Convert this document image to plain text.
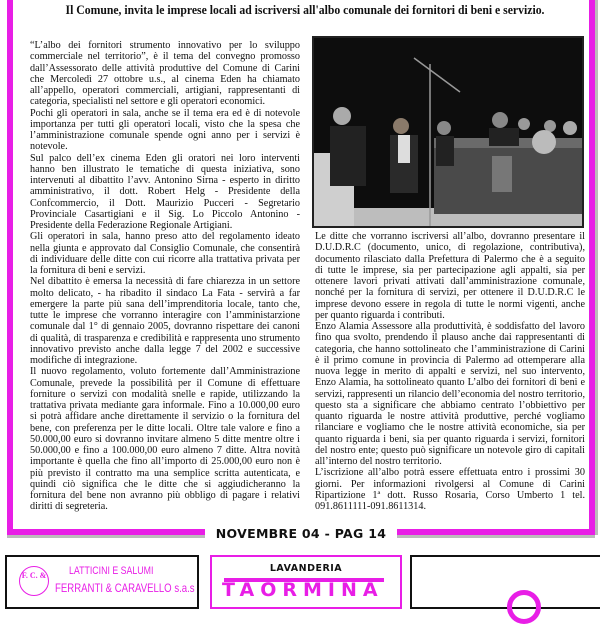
Il Comune, invita le imprese locali ad iscriversi all'albo comunale dei fornitori di beni e servizio.

“L’albo dei fornitori strumento innovativo per lo sviluppo commerciale nel territorio”, è il tema del convegno promosso dall’Assessorato delle attività produttive del Comune di Carini che Mercoledì 27 ottobre u.s., al cinema Eden ha chiamato all’appello, operatori commerciali, artigiani, rappresentanti di categoria, specialisti nel settore e gli operatori economici.

Pochi gli operatori in sala, anche se il tema era ed è di notevole importanza per tutti gli operatori locali, visto che la spesa che l’amministrazione comunale spende ogni anno per i servizi è notevole.

Sul palco dell’ex cinema Eden gli oratori nei loro interventi hanno ben illustrato le tematiche di questa iniziativa, sono intervenuti al dibattito l’avv. Antonino Sirna - esperto in diritto amministrativo, il dott. Robert Helg - Presidente della Confcommercio, il Dott. Maurizio Pucceri - Segretario Provinciale Casartigiani e il Sig. Lo Piccolo Antonino - Presidente della Federazione Regionale Artigiani.

Gli operatori in sala, hanno preso atto del regolamento ideato nella giunta e approvato dal Consiglio Comunale, che consentirà di individuare delle ditte con cui ricorre alla trattativa privata per la fornitura di beni e servizi.

Nel dibattito è emersa la necessità di fare chiarezza in un settore molto delicato, - ha ribadito il sindaco La Fata - servirà a far emergere la parte più sana dell’imprenditoria locale, tanto che, tutte le imprese che vorranno interagire con l’amministarzione comunale dal 1° di gennaio 2005, dovranno rispettare dei canoni di qualità, di trasparenza e credibilità e rappresenta uno strumento innovativo previsto anche dalla legge 7 del 2002 e successive modifiche di integrazione.

Il nuovo regolamento, voluto fortemente dall’Amministrazione Comunale, prevede la possibilità per il Comune di effettuare forniture o servizi con modalità snelle e rapide, utilizzando la trattativa privata mediante gara informale. Fino a 10.000,00 euro si potrà affidare anche direttamente il servizio o la fornitura del bene, con preferenza per le ditte locali. Oltre tale valore e fino a 50.000,00 euro si dovranno invitare almeno 5 ditte mentre oltre i 50.000,00 e fino a 100.000,00 euro almeno 7 ditte. Altra novità importante è quella che fino all’importo di 25.000,00 euro non è più previsto il contratto ma una semplice scritta autenticata, e quindi ciò significa che le ditte che si aggiudicheranno la fornitura del bene non avranno più obbligo di pagare i relativi diritti di segreteria.

Le ditte che vorranno iscriversi all’albo, dovranno presentare il D.U.D.R.C (documento, unico, di regolazione, contributiva), documento rilasciato dalla Prefettura di Palermo che è a seguito di tutte le imprese, sia per partecipazione agli appalti, sia per ottenere lavori privati attivati dall’amministrazione comunale, nonché per la fornitura di servizi, per ottenere il D.U.D.R.C le imprese devono essere in regola di tutte le normi vigenti, anche per quanto riguarda i contributi.

Enzo Alamia Assessore alla produttività, è soddisfatto del lavoro fino qua svolto, prendendo il plauso anche dai rappresentanti di categoria, che hanno sottolineato che l’amministrazione di Carini è il primo comune in provincia di Palermo ad ottemperare alla nuova legge in merito di appalti e servizi, nel suo intervento, Enzo Alamia, ha sottolineato quanto L’albo dei fornitori di beni e servizi, rappresenti un rilancio dell’economia del nostro territorio, questo sta a significare che abbiamo centrato l’obbiettivo per quanto riguarda le nostre attività produttive, perché vogliamo rilanciare e vogliamo che le nostre attività economiche, sia per quanto riguarda i beni, sia per quanto riguarda i servizi, fornitori del nostro ente; questo può significare un notevole giro di capitali all’interno del nostro territorio.

L’iscrizione all’albo potrà essere effettuata entro i prossimi 30 giorni. Per informazioni rivolgersi al Comune di Carini Ripartizione 1ª dott. Russo Rosaria, Corso Umberto 1 tel. 091.8611111-091.8611314.

NOVEMBRE 04 - PAG 14
F. C. & LATTICINI E SALUMI
FERRANTI & CARAVELLO s.a.s
LAVANDERIA
TAORMINA
